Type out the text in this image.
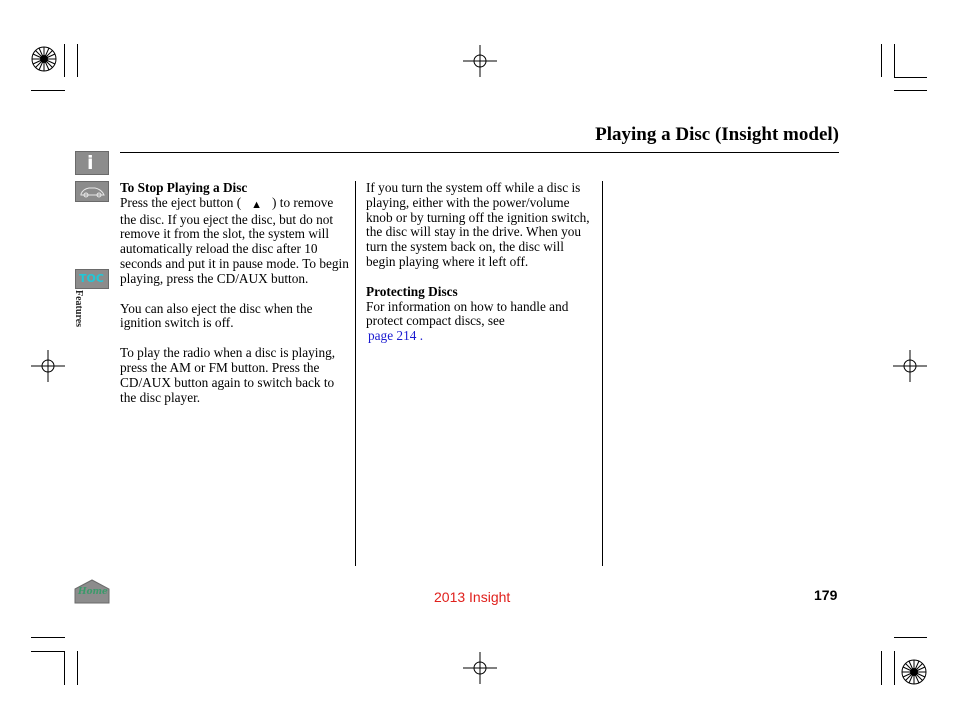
Playing a Disc (Insight model)
i
TOC
Features
Home

To Stop Playing a Disc

Press the eject button ( ▲ ) to remove the disc. If you eject the disc, but do not remove it from the slot, the system will automatically reload the disc after 10 seconds and put it in pause mode. To begin playing, press the CD/AUX button.

You can also eject the disc when the ignition switch is off.

To play the radio when a disc is playing, press the AM or FM button. Press the CD/AUX button again to switch back to the disc player.

If you turn the system off while a disc is playing, either with the power/volume knob or by turning off the ignition switch, the disc will stay in the drive. When you turn the system back on, the disc will begin playing where it left off.

Protecting Discs

For information on how to handle and protect compact discs, see

page 214 .

2013 Insight	179
